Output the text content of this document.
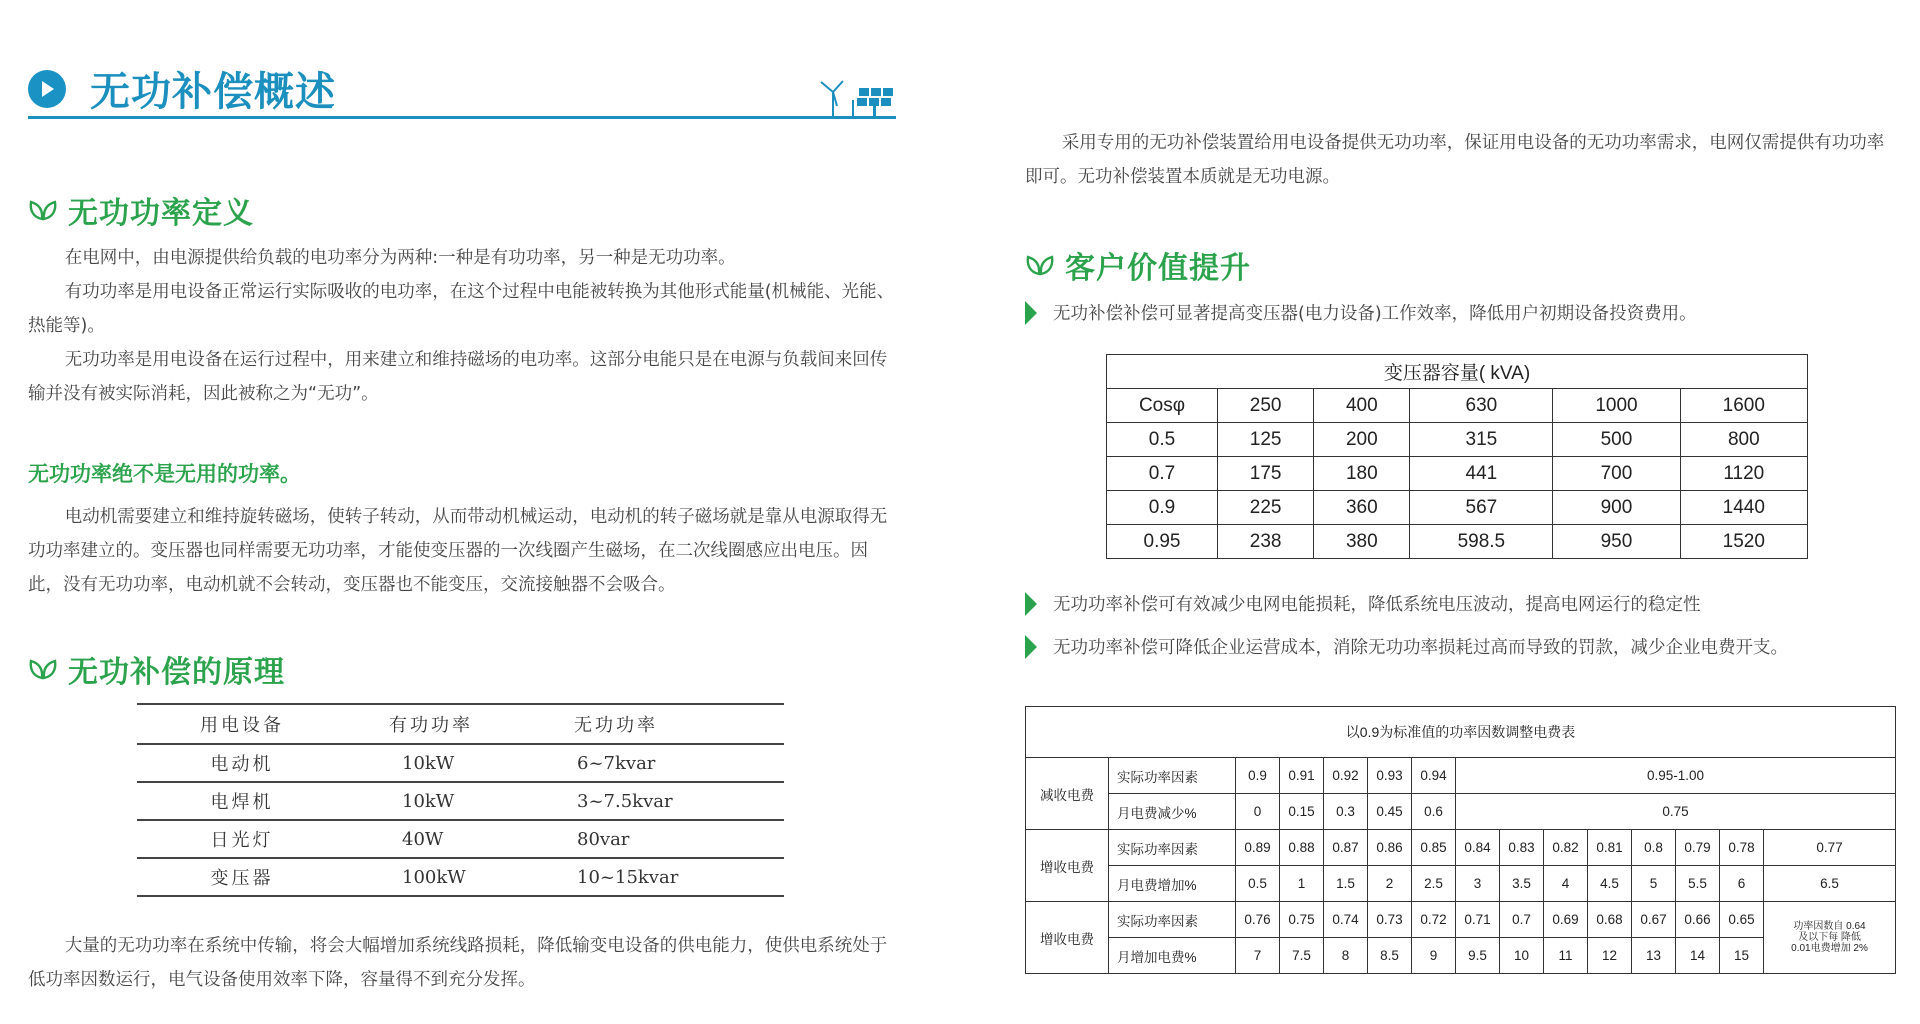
无功补偿概述
无功功率定义

在电网中，由电源提供给负载的电功率分为两种:一种是有功功率，另一种是无功功率。

有功功率是用电设备正常运行实际吸收的电功率，在这个过程中电能被转换为其他形式能量(机械能、光能、热能等)。

无功功率是用电设备在运行过程中，用来建立和维持磁场的电功率。这部分电能只是在电源与负载间来回传输并没有被实际消耗，因此被称之为“无功”。

无功功率绝不是无用的功率。

电动机需要建立和维持旋转磁场，使转子转动，从而带动机械运动，电动机的转子磁场就是靠从电源取得无功功率建立的。变压器也同样需要无功功率，才能使变压器的一次线圈产生磁场，在二次线圈感应出电压。因此，没有无功功率，电动机就不会转动，变压器也不能变压，交流接触器不会吸合。

无功补偿的原理
用电设备	有功功率	无功功率
电动机	10kW	6~7kvar
电焊机	10kW	3~7.5kvar
日光灯	40W	80var
变压器	100kW	10~15kvar

大量的无功功率在系统中传输，将会大幅增加系统线路损耗，降低输变电设备的供电能力，使供电系统处于低功率因数运行，电气设备使用效率下降，容量得不到充分发挥。

采用专用的无功补偿装置给用电设备提供无功功率，保证用电设备的无功功率需求，电网仅需提供有功功率即可。无功补偿装置本质就是无功电源。

客户价值提升
无功补偿补偿可显著提高变压器(电力设备)工作效率，降低用户初期设备投资费用。
变压器容量( kVA)					
Cosφ	250	400	630	1000	1600
0.5	125	200	315	500	800
0.7	175	180	441	700	1120
0.9	225	360	567	900	1440
0.95	238	380	598.5	950	1520
无功功率补偿可有效减少电网电能损耗，降低系统电压波动，提高电网运行的稳定性
无功功率补偿可降低企业运营成本，消除无功功率损耗过高而导致的罚款，减少企业电费开支。
以0.9为标准值的功率因数调整电费表														
减收电费	实际功率因素	0.9	0.91	0.92	0.93	0.94	0.95-1.00							
	月电费减少%	0	0.15	0.3	0.45	0.6	0.75							
增收电费	实际功率因素	0.89	0.88	0.87	0.86	0.85	0.84	0.83	0.82	0.81	0.8	0.79	0.78	0.77
	月电费增加%	0.5	1	1.5	2	2.5	3	3.5	4	4.5	5	5.5	6	6.5
增收电费	实际功率因素	0.76	0.75	0.74	0.73	0.72	0.71	0.7	0.69	0.68	0.67	0.66	0.65	功率因数自 0.64
及以下每 降低
0.01电费增加 2%

	月增加电费%	7	7.5	8	8.5	9	9.5	10	11	12	13	14	15	
